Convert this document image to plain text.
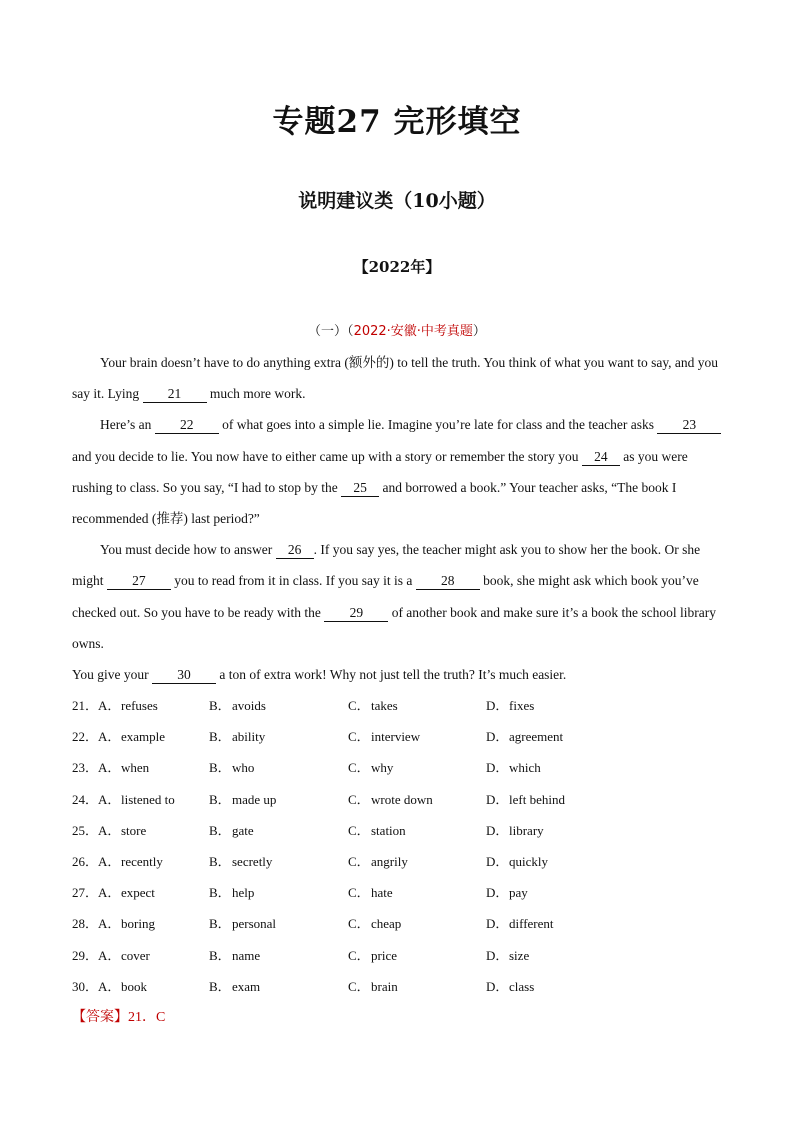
专题27 完形填空
说明建议类（10小题）
【2022年】
（一）（2022·安徽·中考真题）

Your brain doesn’t have to do anything extra (额外的) to tell the truth. You think of what you want to say, and you say it. Lying 21 much more work.

Here’s an 22 of what goes into a simple lie. Imagine you’re late for class and the teacher asks 23 and you decide to lie. You now have to either came up with a story or remember the story you 24 as you were rushing to class. So you say, “I had to stop by the 25 and borrowed a book.” Your teacher asks, “The book I recommended (推荐) last period?”

You must decide how to answer 26 . If you say yes, the teacher might ask you to show her the book. Or she might 27 you to read from it in class. If you say it is a 28 book, she might ask which book you’ve checked out. So you have to be ready with the 29 of another book and make sure it’s a book the school library owns.

You give your 30 a ton of extra work! Why not just tell the truth? It’s much easier.

21． A． refuses	B． avoids	C． takes	D． fixes
22． A． example	B． ability	C． interview	D． agreement
23． A． when	B． who	C． why	D． which
24． A． listened to	B． made up	C． wrote down	D． left behind
25． A． store	B． gate	C． station	D． library
26． A． recently	B． secretly	C． angrily	D． quickly
27． A． expect	B． help	C． hate	D． pay
28． A． boring	B． personal	C． cheap	D． different
29． A． cover	B． name	C． price	D． size
30． A． book	B． exam	C． brain	D． class
【答案】21．C
